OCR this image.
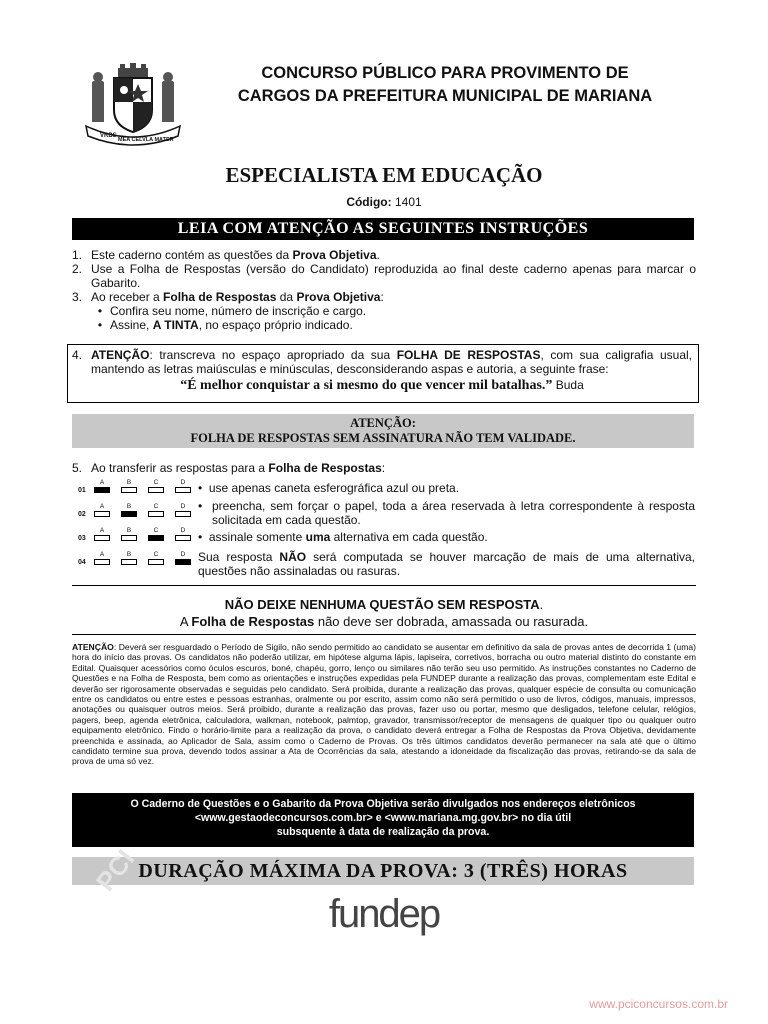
VRBS
MEA CELVLA MATER
CONCURSO PÚBLICO PARA PROVIMENTO DE
CARGOS DA PREFEITURA MUNICIPAL DE MARIANA
ESPECIALISTA EM EDUCAÇÃO
Código: 1401
LEIA COM ATENÇÃO AS SEGUINTES INSTRUÇÕES
1. Este caderno contém as questões da Prova Objetiva.
2. Use a Folha de Respostas (versão do Candidato) reproduzida ao final deste caderno apenas para marcar o Gabarito.
3. Ao receber a Folha de Respostas da Prova Objetiva:
• Confira seu nome, número de inscrição e cargo.
• Assine, A TINTA, no espaço próprio indicado.
4. ATENÇÃO: transcreva no espaço apropriado da sua FOLHA DE RESPOSTAS, com sua caligrafia usual, mantendo as letras maiúsculas e minúsculas, desconsiderando aspas e autoria, a seguinte frase:
“É melhor conquistar a si mesmo do que vencer mil batalhas.” Buda
ATENÇÃO:
FOLHA DE RESPOSTAS SEM ASSINATURA NÃO TEM VALIDADE.
5. Ao transferir as respostas para a Folha de Respostas:
01
A	B	C	D
02
A	B	C	D
03
A	B	C	D
04
A	B	C	D
• use apenas caneta esferográfica azul ou preta.
• preencha, sem forçar o papel, toda a área reservada à letra correspondente à resposta solicitada em cada questão.
• assinale somente uma alternativa em cada questão.
Sua resposta NÃO será computada se houver marcação de mais de uma alternativa, questões não assinaladas ou rasuras.
NÃO DEIXE NENHUMA QUESTÃO SEM RESPOSTA.
A Folha de Respostas não deve ser dobrada, amassada ou rasurada.
ATENÇÃO: Deverá ser resguardado o Período de Sigilo, não sendo permitido ao candidato se ausentar em definitivo da sala de provas antes de decorrida 1 (uma) hora do início das provas. Os candidatos não poderão utilizar, em hipótese alguma lápis, lapiseira, corretivos, borracha ou outro material distinto do constante em Edital. Quaisquer acessórios como óculos escuros, boné, chapéu, gorro, lenço ou similares não terão seu uso permitido. As instruções constantes no Caderno de Questões e na Folha de Resposta, bem como as orientações e instruções expedidas pela FUNDEP durante a realização das provas, complementam este Edital e deverão ser rigorosamente observadas e seguidas pelo candidato. Será proibida, durante a realização das provas, qualquer espécie de consulta ou comunicação entre os candidatos ou entre estes e pessoas estranhas, oralmente ou por escrito, assim como não será permitido o uso de livros, códigos, manuais, impressos, anotações ou quaisquer outros meios. Será proibido, durante a realização das provas, fazer uso ou portar, mesmo que desligados, telefone celular, relógios, pagers, beep, agenda eletrônica, calculadora, walkman, notebook, palmtop, gravador, transmissor/receptor de mensagens de qualquer tipo ou qualquer outro equipamento eletrônico. Findo o horário-limite para a realização da prova, o candidato deverá entregar a Folha de Respostas da Prova Objetiva, devidamente preenchida e assinada, ao Aplicador de Sala, assim como o Caderno de Provas. Os três últimos candidatos deverão permanecer na sala até que o último candidato termine sua prova, devendo todos assinar a Ata de Ocorrências da sala, atestando a idoneidade da fiscalização das provas, retirando-se da sala de prova de uma só vez.
O Caderno de Questões e o Gabarito da Prova Objetiva serão divulgados nos endereços eletrônicos
<www.gestaodeconcursos.com.br> e <www.mariana.mg.gov.br> no dia útil
subsquente à data de realização da prova.
DURAÇÃO MÁXIMA DA PROVA: 3 (TRÊS) HORAS
PCI
fundep
www.pciconcursos.com.br
